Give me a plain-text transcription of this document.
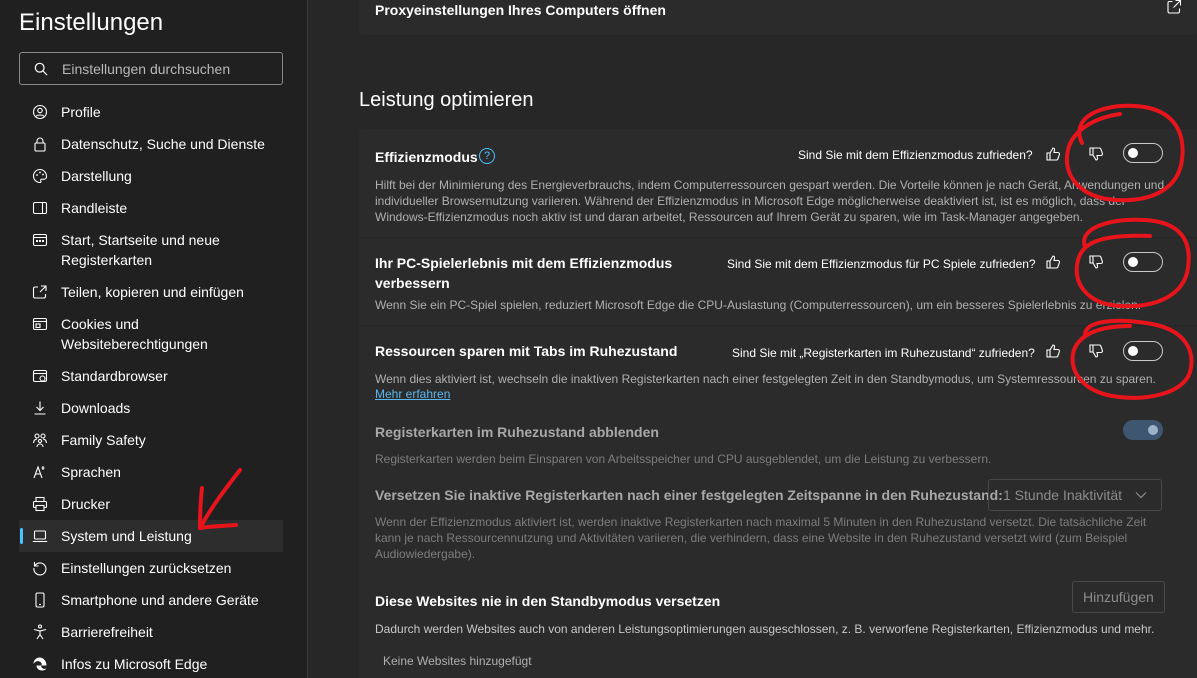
Einstellungen
Einstellungen durchsuchen
Profile
Datenschutz, Suche und Dienste
Darstellung
Randleiste
Start, Startseite und neue
Registerkarten
Teilen, kopieren und einfügen
Cookies und
Websiteberechtigungen
Standardbrowser
Downloads
Family Safety
Sprachen
Drucker
System und Leistung
Einstellungen zurücksetzen
Smartphone und andere Geräte
Barrierefreiheit
Infos zu Microsoft Edge
Proxyeinstellungen Ihres Computers öffnen
Leistung optimieren
Effizienzmodus ?	Sind Sie mit dem Effizienzmodus zufrieden?
Hilft bei der Minimierung des Energieverbrauchs, indem Computerressourcen gespart werden. Die Vorteile können je nach Gerät, Anwendungen und
individueller Browsernutzung variieren. Während der Effizienzmodus in Microsoft Edge möglicherweise deaktiviert ist, ist es möglich, dass der
Windows-Effizienzmodus noch aktiv ist und daran arbeitet, Ressourcen auf Ihrem Gerät zu sparen, wie im Task-Manager angegeben.
Ihr PC-Spielerlebnis mit dem Effizienzmodus
verbessern
Sind Sie mit dem Effizienzmodus für PC Spiele zufrieden?
Wenn Sie ein PC-Spiel spielen, reduziert Microsoft Edge die CPU-Auslastung (Computerressourcen), um ein besseres Spielerlebnis zu erzielen.
Ressourcen sparen mit Tabs im Ruhezustand	Sind Sie mit „Registerkarten im Ruhezustand“ zufrieden?
Wenn dies aktiviert ist, wechseln die inaktiven Registerkarten nach einer festgelegten Zeit in den Standbymodus, um Systemressourcen zu sparen.
Mehr erfahren
Registerkarten im Ruhezustand abblenden
Registerkarten werden beim Einsparen von Arbeitsspeicher und CPU ausgeblendet, um die Leistung zu verbessern.
Versetzen Sie inaktive Registerkarten nach einer festgelegten Zeitspanne in den Ruhezustand: 1 Stunde Inaktivität
Wenn der Effizienzmodus aktiviert ist, werden inaktive Registerkarten nach maximal 5 Minuten in den Ruhezustand versetzt. Die tatsächliche Zeit
kann je nach Ressourcennutzung und Aktivitäten variieren, die verhindern, dass eine Website in den Ruhezustand versetzt wird (zum Beispiel
Audiowiedergabe).
Diese Websites nie in den Standbymodus versetzen	Hinzufügen
Dadurch werden Websites auch von anderen Leistungsoptimierungen ausgeschlossen, z. B. verworfene Registerkarten, Effizienzmodus und mehr.
Keine Websites hinzugefügt
